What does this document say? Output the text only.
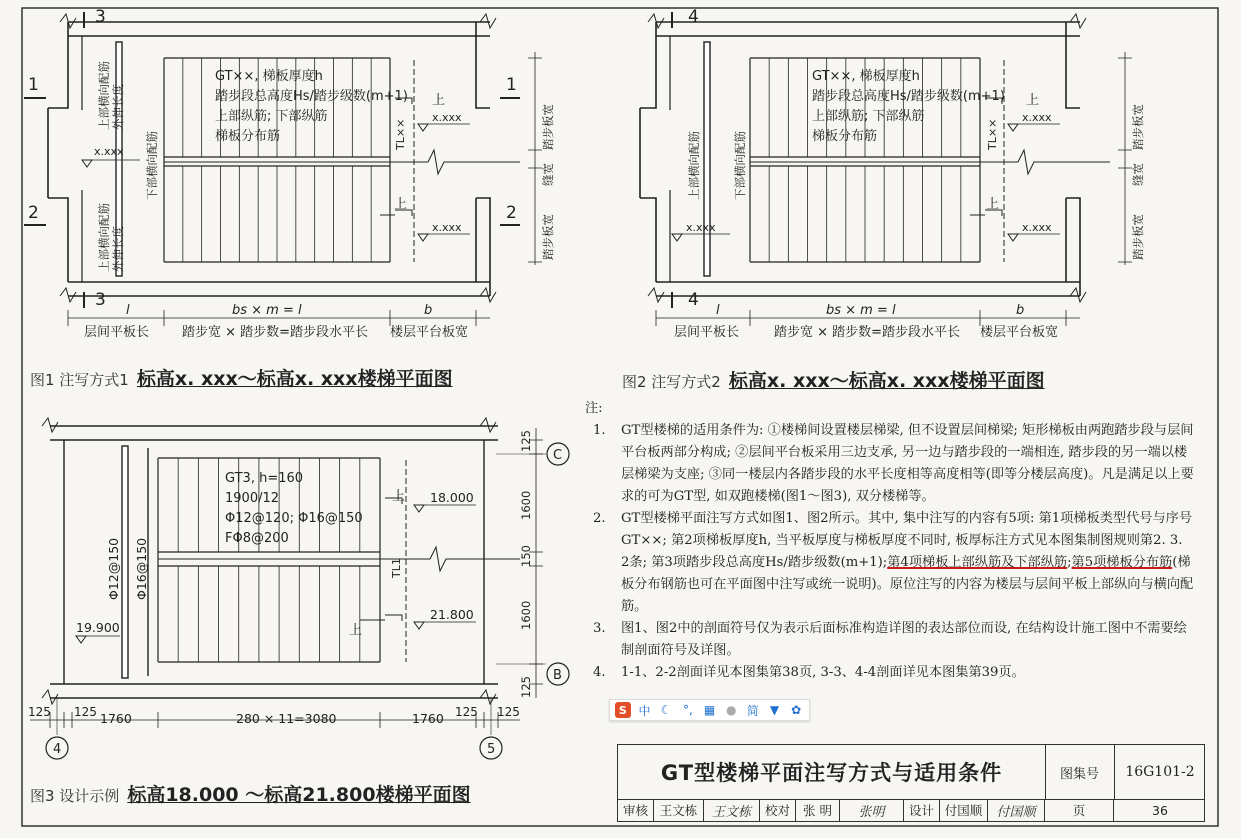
3
1	1
2	2
3
GT××, 梯板厚度h
踏步段总高度Hs/踏步级数(m+1)
上部纵筋; 下部纵筋
梯板分布筋
上
上
x.xxx
x.xxx
x.xxx
TL××
上部横向配筋 外伸长度
下部横向配筋
上部横向配筋 外伸长度
踏步板宽
缝宽
踏步板宽
l	bs × m = l	b
层间平板长	踏步宽 × 踏步数=踏步段水平长 楼层平台板宽
4
4
GT××, 梯板厚度h
踏步段总高度Hs/踏步级数(m+1)
上部纵筋; 下部纵筋
梯板分布筋
上
上
x.xxx
x.xxx
x.xxx
TL××
上部横向配筋	下部横向配筋
踏步板宽
缝宽
踏步板宽
l	bs × m = l	b
层间平板长	踏步宽 × 踏步数=踏步段水平长 楼层平台板宽
GT3, h=160
1900/12
Φ12@120; Φ16@150
FΦ8@200
Φ12@150 Φ16@150
18.000
21.800
19.900
TL1
上
上
C
B
4	5
125
1600
150
1600
125
125 125 1760	280 × 11=3080	1760 125 125
图1 注写方式1 标高x. xxx～标高x. xxx楼梯平面图	图2 注写方式2 标高x. xxx～标高x. xxx楼梯平面图
图3 设计示例 标高18.000 ～标高21.800楼梯平面图
注:
1.	GT型楼梯的适用条件为: ①楼梯间设置楼层梯梁, 但不设置层间梯梁; 矩形梯板由两跑踏步段与层间平台板两部分构成; ②层间平台板采用三边支承, 另一边与踏步段的一端相连, 踏步段的另一端以楼层梯梁为支座; ③同一楼层内各踏步段的水平长度相等高度相等(即等分楼层高度)。凡是满足以上要求的可为GT型, 如双跑楼梯(图1～图3), 双分楼梯等。
2.	GT型楼梯平面注写方式如图1、图2所示。其中, 集中注写的内容有5项: 第1项梯板类型代号与序号GT××; 第2项梯板厚度h, 当平板厚度与梯板厚度不同时, 板厚标注方式见本图集制图规则第2. 3. 2条; 第3项踏步段总高度Hs/踏步级数(m+1);第4项梯板上部纵筋及下部纵筋;第5项梯板分布筋(梯板分布钢筋也可在平面图中注写或统一说明)。原位注写的内容为楼层与层间平板上部纵向与横向配筋。
3.	图1、图2中的剖面符号仅为表示后面标准构造详图的表达部位而设, 在结构设计施工图中不需要绘制剖面符号及详图。
4.	1-1、2-2剖面详见本图集第38页, 3-3、4-4剖面详见本图集第39页。
S 中 ☾ °, ▦ ● 简 ▼ ✿
GT型楼梯平面注写方式与适用条件	图集号	16G101-2
审核 王文栋	王文栋	校对	张 明	张明	设计 付国顺	付国顺	页	36
